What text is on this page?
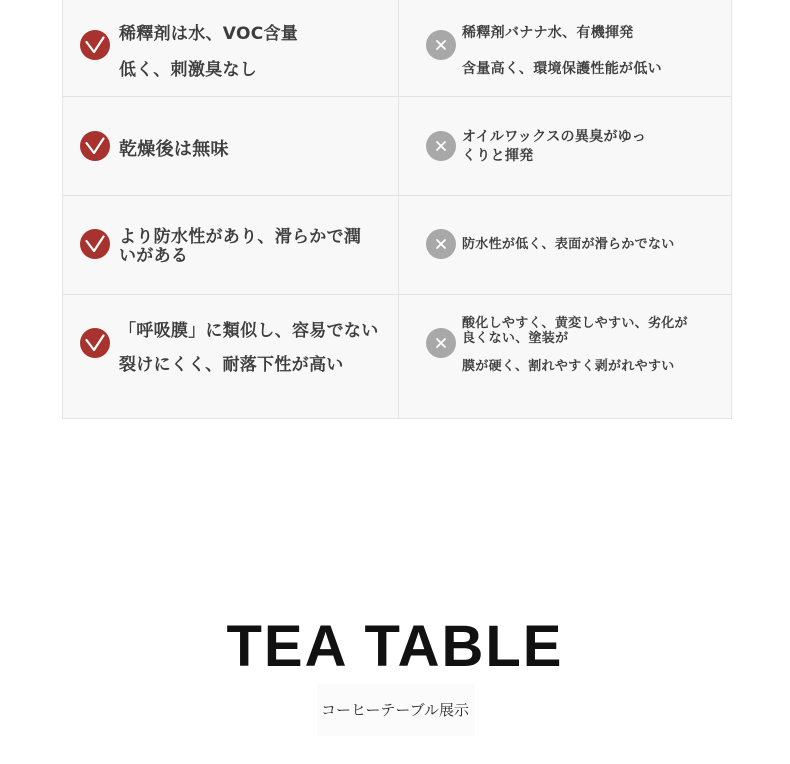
稀釋剤は水、VOC含量

低く、刺激臭なし

稀釋剤バナナ水、有機揮発

含量高く、環境保護性能が低い

乾燥後は無味

オイルワックスの異臭がゆっ

くりと揮発

より防水性があり、滑らかで潤

いがある

防水性が低く、表面が滑らかでない

「呼吸膜」に類似し、容易でない

裂けにくく、耐落下性が高い

酸化しやすく、黄変しやすい、劣化が

良くない、塗装が

膜が硬く、割れやすく剥がれやすい

TEA TABLE

コーヒーテーブル展示
